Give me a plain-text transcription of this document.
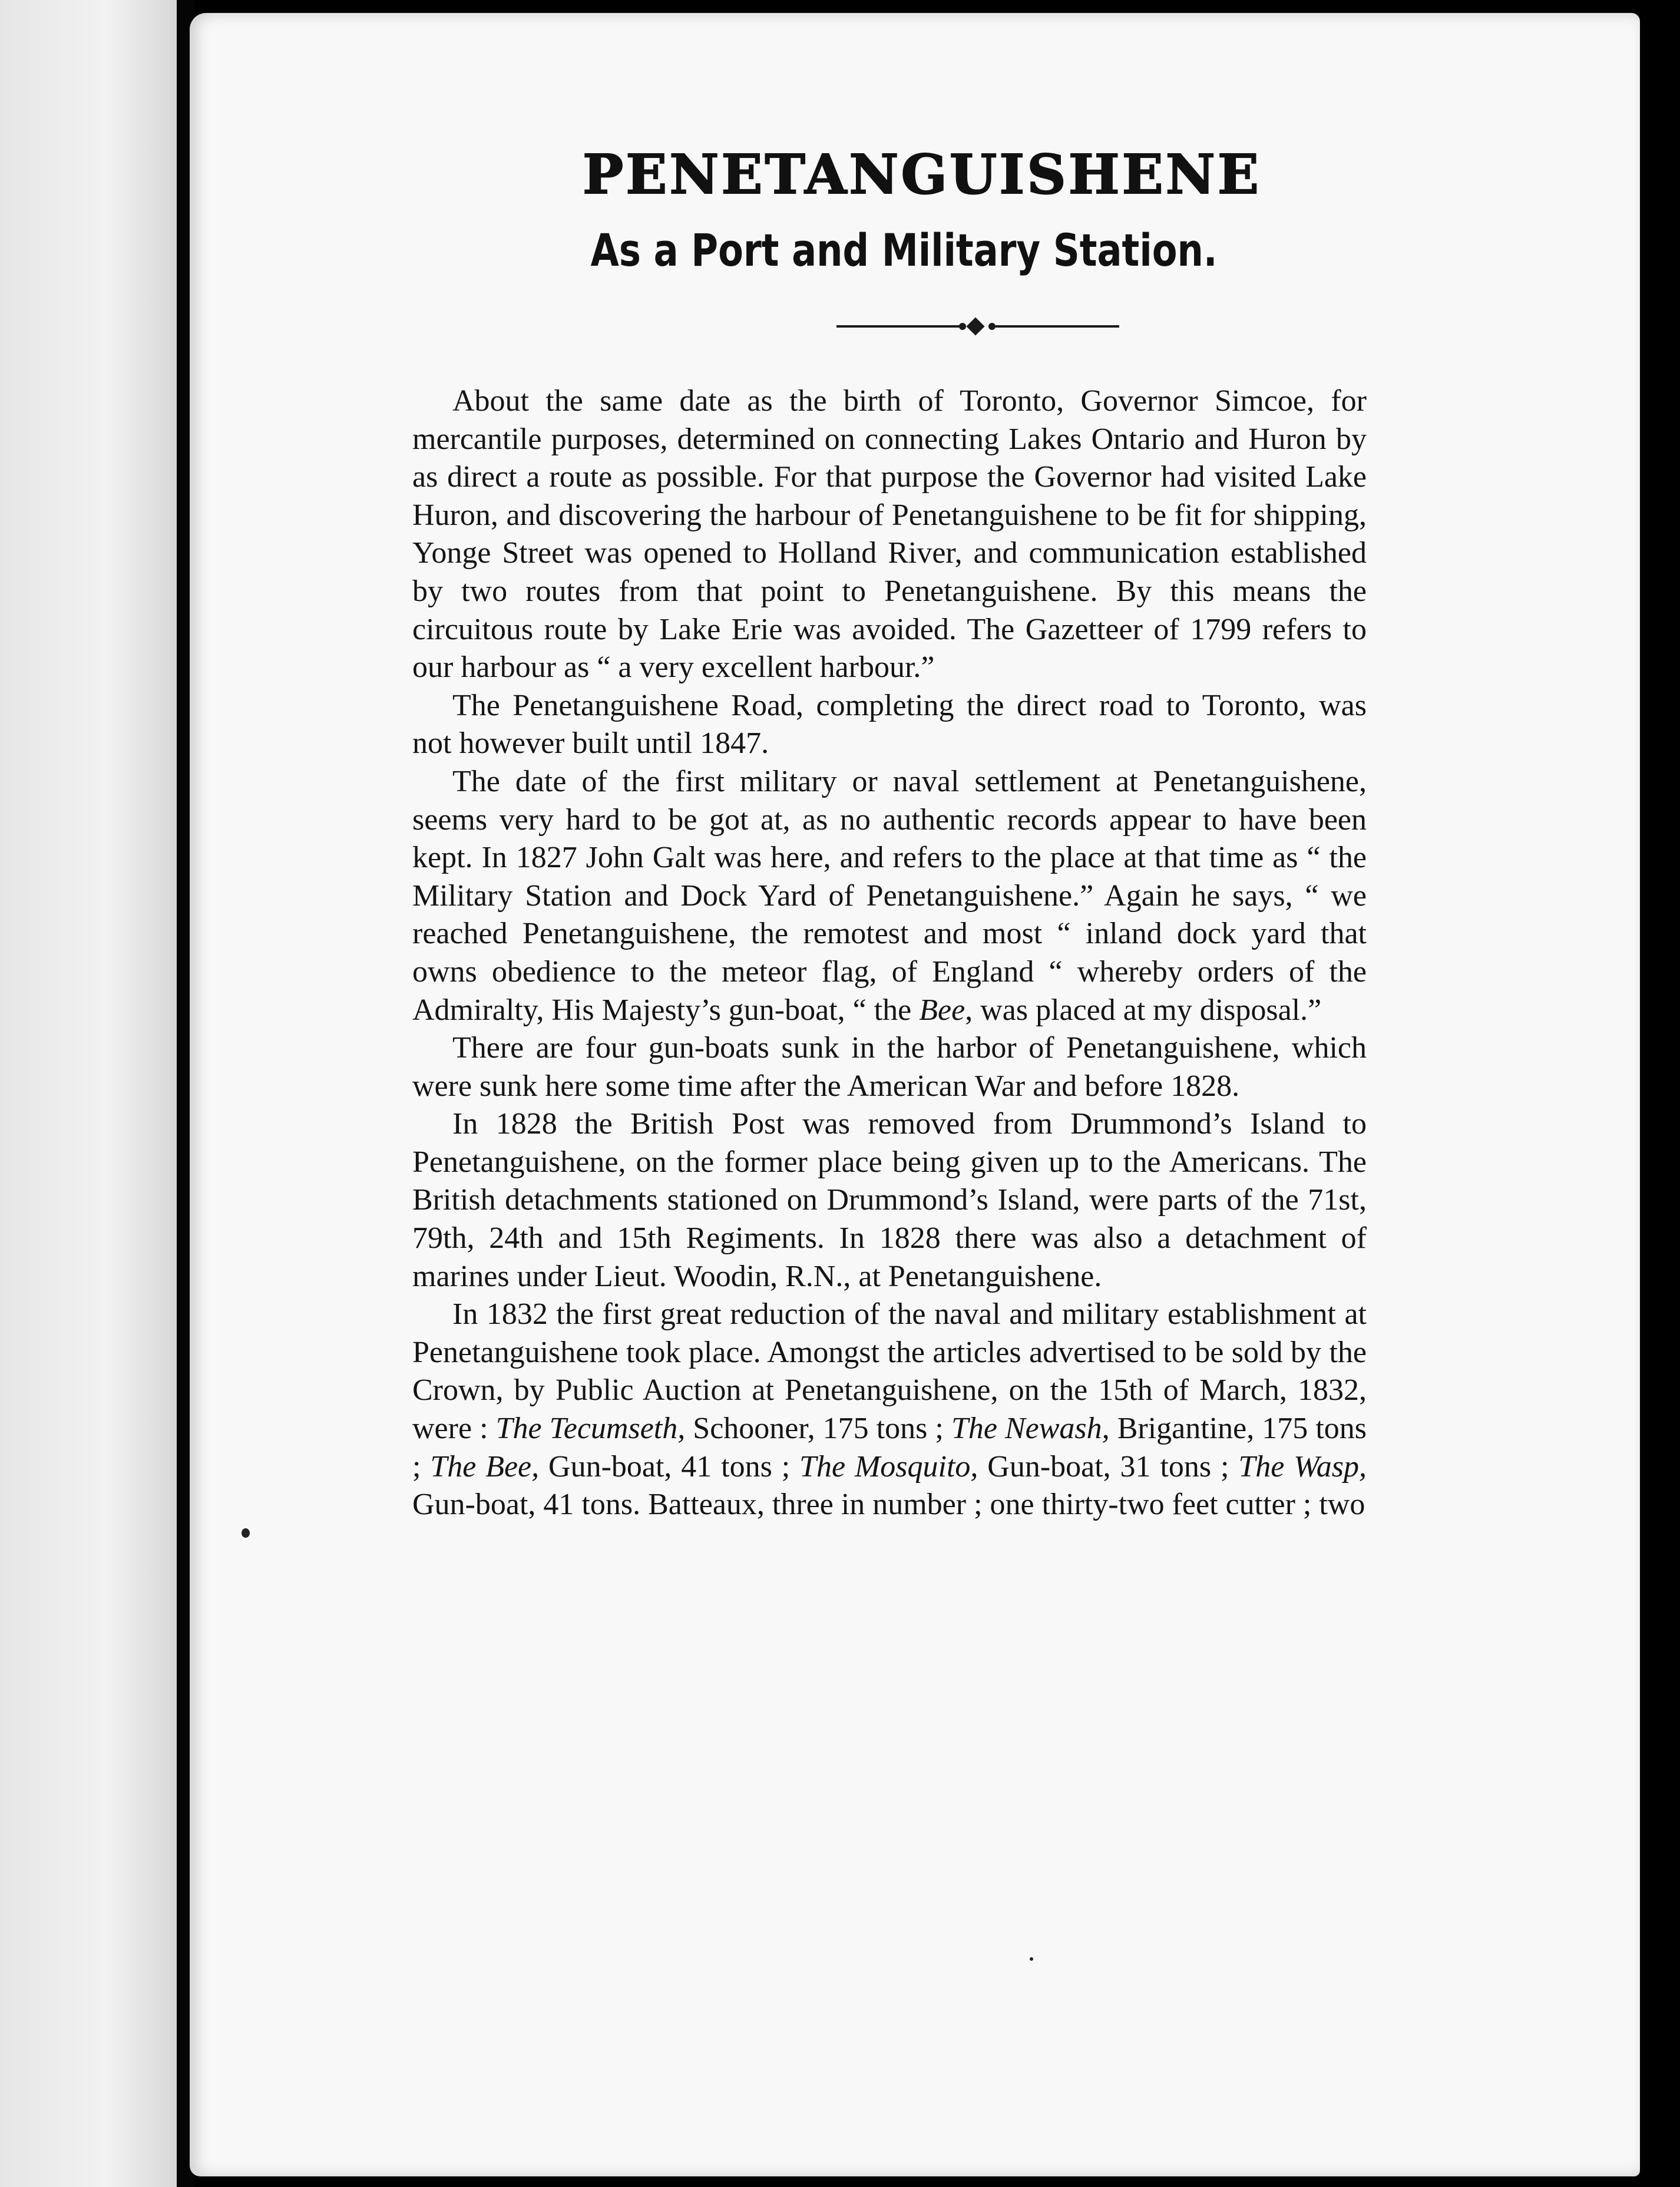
PENETANGUISHENE
As a Port and Military Station.

About the same date as the birth of Toronto, Governor Simcoe, for mercantile purposes, determined on connecting Lakes Ontario and Huron by as direct a route as possible. For that purpose the Governor had visited Lake Huron, and discovering the harbour of Penetanguishene to be fit for shipping, Yonge Street was opened to Holland River, and communication established by two routes from that point to Penetanguishene. By this means the circuitous route by Lake Erie was avoided. The Gazetteer of 1799 refers to our harbour as “ a very excellent harbour.”

The Penetanguishene Road, completing the direct road to Toronto, was not however built until 1847.

The date of the first military or naval settlement at Penetanguishene, seems very hard to be got at, as no authentic records appear to have been kept. In 1827 John Galt was here, and refers to the place at that time as “ the Military Station and Dock Yard of Penetanguishene.” Again he says, “ we reached Penetanguishene, the remotest and most “ inland dock yard that owns obedience to the meteor flag, of England “ whereby orders of the Admiralty, His Majesty’s gun-boat, “ the Bee, was placed at my disposal.”

There are four gun-boats sunk in the harbor of Penetanguishene, which were sunk here some time after the American War and before 1828.

In 1828 the British Post was removed from Drummond’s Island to Penetanguishene, on the former place being given up to the Americans. The British detachments stationed on Drummond’s Island, were parts of the 71st, 79th, 24th and 15th Regiments. In 1828 there was also a detachment of marines under Lieut. Woodin, R.N., at Penetanguishene.

In 1832 the first great reduction of the naval and military establishment at Penetanguishene took place. Amongst the articles advertised to be sold by the Crown, by Public Auction at Penetanguishene, on the 15th of March, 1832, were : The Tecumseth, Schooner, 175 tons ; The Newash, Brigantine, 175 tons ; The Bee, Gun-boat, 41 tons ; The Mosquito, Gun-boat, 31 tons ; The Wasp, Gun-boat, 41 tons. Batteaux, three in number ; one thirty-two feet cutter ; two
